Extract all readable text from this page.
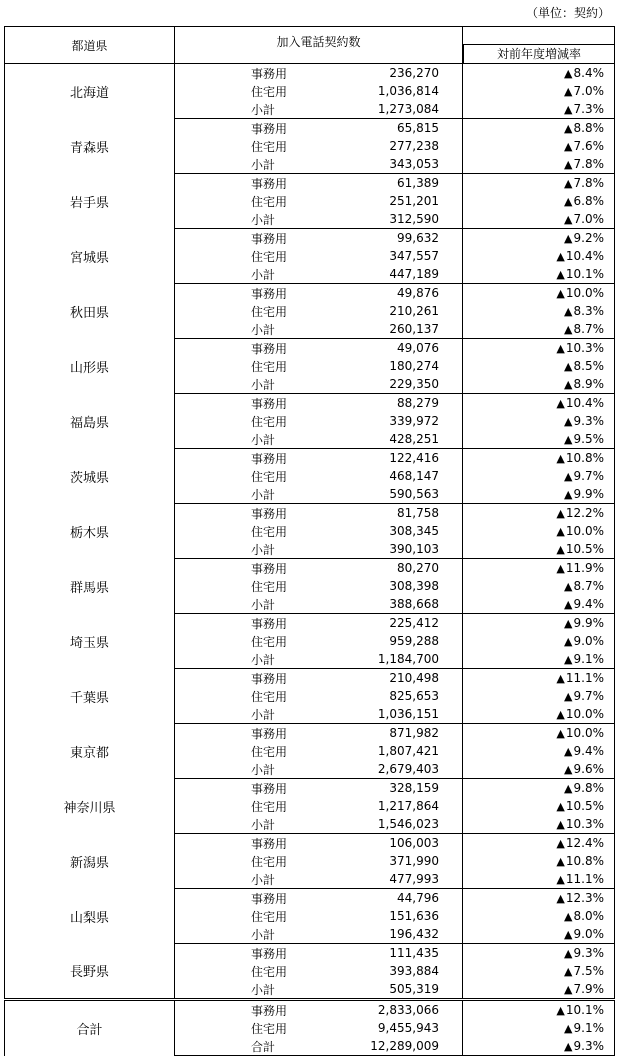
（単位：契約）
都道県	加入電話契約数	対前年度増減率

北海道	事務用 236,270	▲8.4%

	住宅用 1,036,814	▲7.0%

	小計 1,273,084	▲7.3%
青森県	事務用 65,815	▲8.8%

	住宅用 277,238	▲7.6%

	小計 343,053	▲7.8%
岩手県	事務用 61,389	▲7.8%

	住宅用 251,201	▲6.8%

	小計 312,590	▲7.0%
宮城県	事務用 99,632	▲9.2%

	住宅用 347,557	▲10.4%

	小計 447,189	▲10.1%
秋田県	事務用 49,876	▲10.0%

	住宅用 210,261	▲8.3%

	小計 260,137	▲8.7%
山形県	事務用 49,076	▲10.3%

	住宅用 180,274	▲8.5%

	小計 229,350	▲8.9%
福島県	事務用 88,279	▲10.4%

	住宅用 339,972	▲9.3%

	小計 428,251	▲9.5%
茨城県	事務用 122,416	▲10.8%

	住宅用 468,147	▲9.7%

	小計 590,563	▲9.9%
栃木県	事務用 81,758	▲12.2%

	住宅用 308,345	▲10.0%

	小計 390,103	▲10.5%
群馬県	事務用 80,270	▲11.9%

	住宅用 308,398	▲8.7%

	小計 388,668	▲9.4%
埼玉県	事務用 225,412	▲9.9%

	住宅用 959,288	▲9.0%

	小計 1,184,700	▲9.1%
千葉県	事務用 210,498	▲11.1%

	住宅用 825,653	▲9.7%

	小計 1,036,151	▲10.0%
東京都	事務用 871,982	▲10.0%

	住宅用 1,807,421	▲9.4%

	小計 2,679,403	▲9.6%
神奈川県	事務用 328,159	▲9.8%

	住宅用 1,217,864	▲10.5%

	小計 1,546,023	▲10.3%
新潟県	事務用 106,003	▲12.4%

	住宅用 371,990	▲10.8%

	小計 477,993	▲11.1%
山梨県	事務用 44,796	▲12.3%

	住宅用 151,636	▲8.0%

	小計 196,432	▲9.0%
長野県	事務用 111,435	▲9.3%

	住宅用 393,884	▲7.5%

	小計 505,319	▲7.9%
合計	事務用 2,833,066	▲10.1%

	住宅用 9,455,943	▲9.1%

	合計 12,289,009	▲9.3%
